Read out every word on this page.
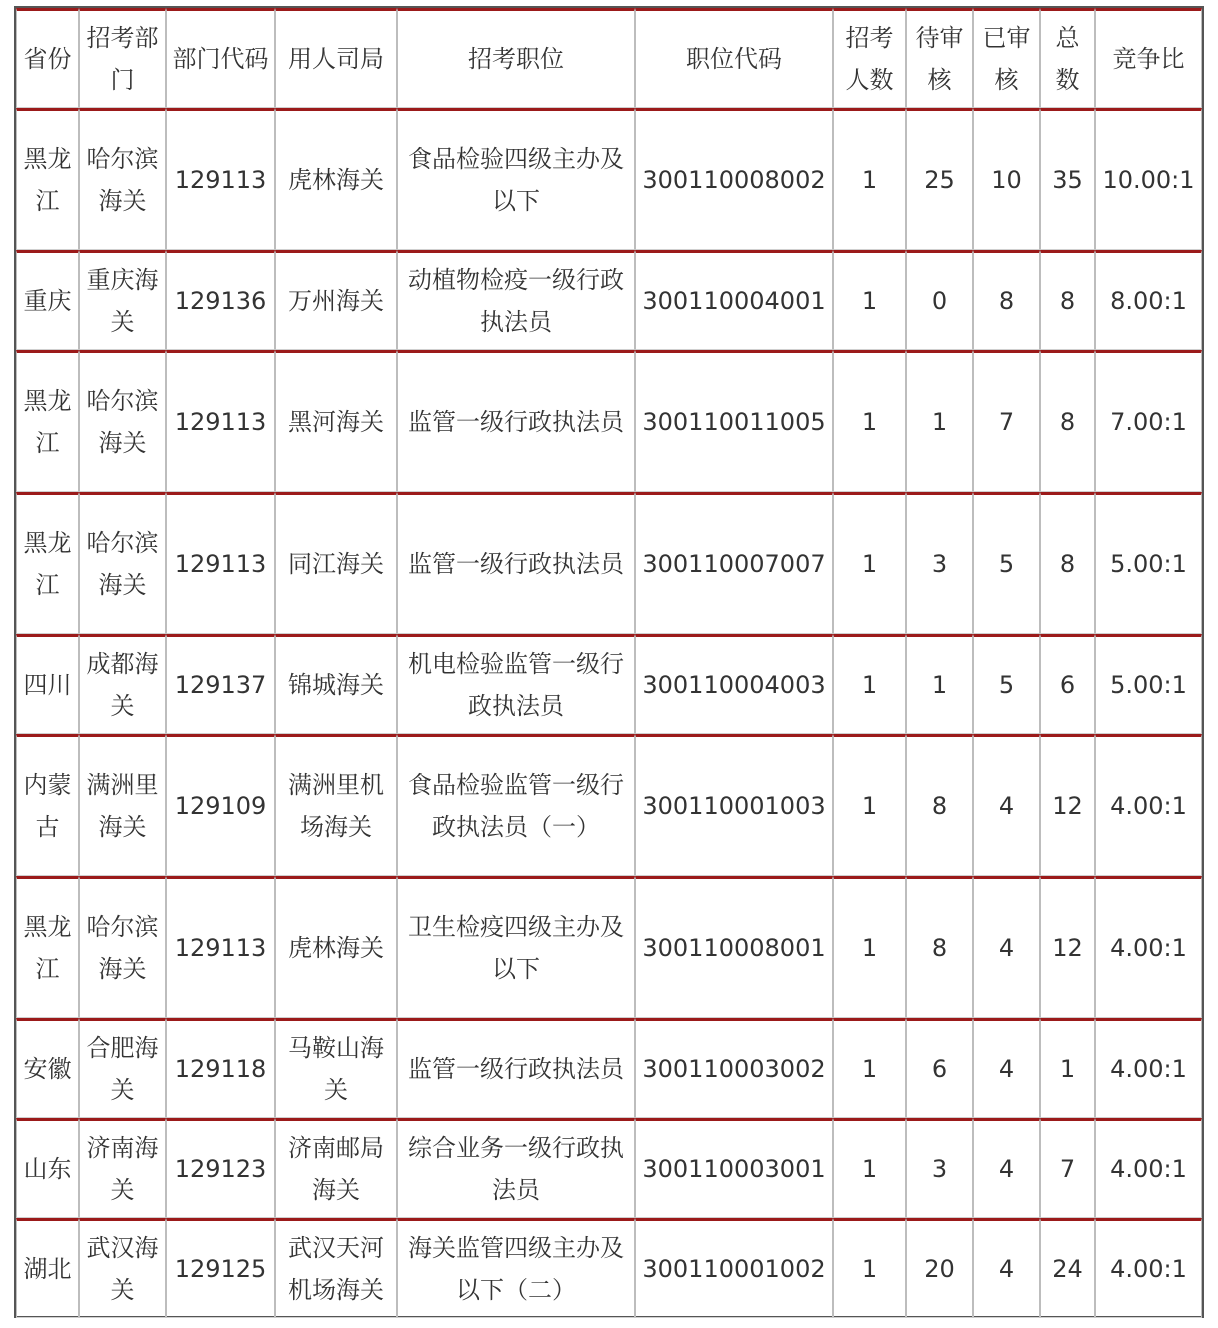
省份	招考部门	部门代码	用人司局	招考职位	职位代码	招考人数	待审核	已审核	总数	竞争比
黑龙江	哈尔滨海关	129113	虎林海关	食品检验四级主办及以下	300110008002	1	25	10	35	10.00:1
重庆	重庆海关	129136	万州海关	动植物检疫一级行政执法员	300110004001	1	0	8	8	8.00:1
黑龙江	哈尔滨海关	129113	黑河海关	监管一级行政执法员	300110011005	1	1	7	8	7.00:1
黑龙江	哈尔滨海关	129113	同江海关	监管一级行政执法员	300110007007	1	3	5	8	5.00:1
四川	成都海关	129137	锦城海关	机电检验监管一级行政执法员	300110004003	1	1	5	6	5.00:1
内蒙古	满洲里海关	129109	满洲里机场海关	食品检验监管一级行政执法员（一）	300110001003	1	8	4	12	4.00:1
黑龙江	哈尔滨海关	129113	虎林海关	卫生检疫四级主办及以下	300110008001	1	8	4	12	4.00:1
安徽	合肥海关	129118	马鞍山海关	监管一级行政执法员	300110003002	1	6	4	1	4.00:1
山东	济南海关	129123	济南邮局海关	综合业务一级行政执法员	300110003001	1	3	4	7	4.00:1
湖北	武汉海关	129125	武汉天河机场海关	海关监管四级主办及以下（二）	300110001002	1	20	4	24	4.00:1
